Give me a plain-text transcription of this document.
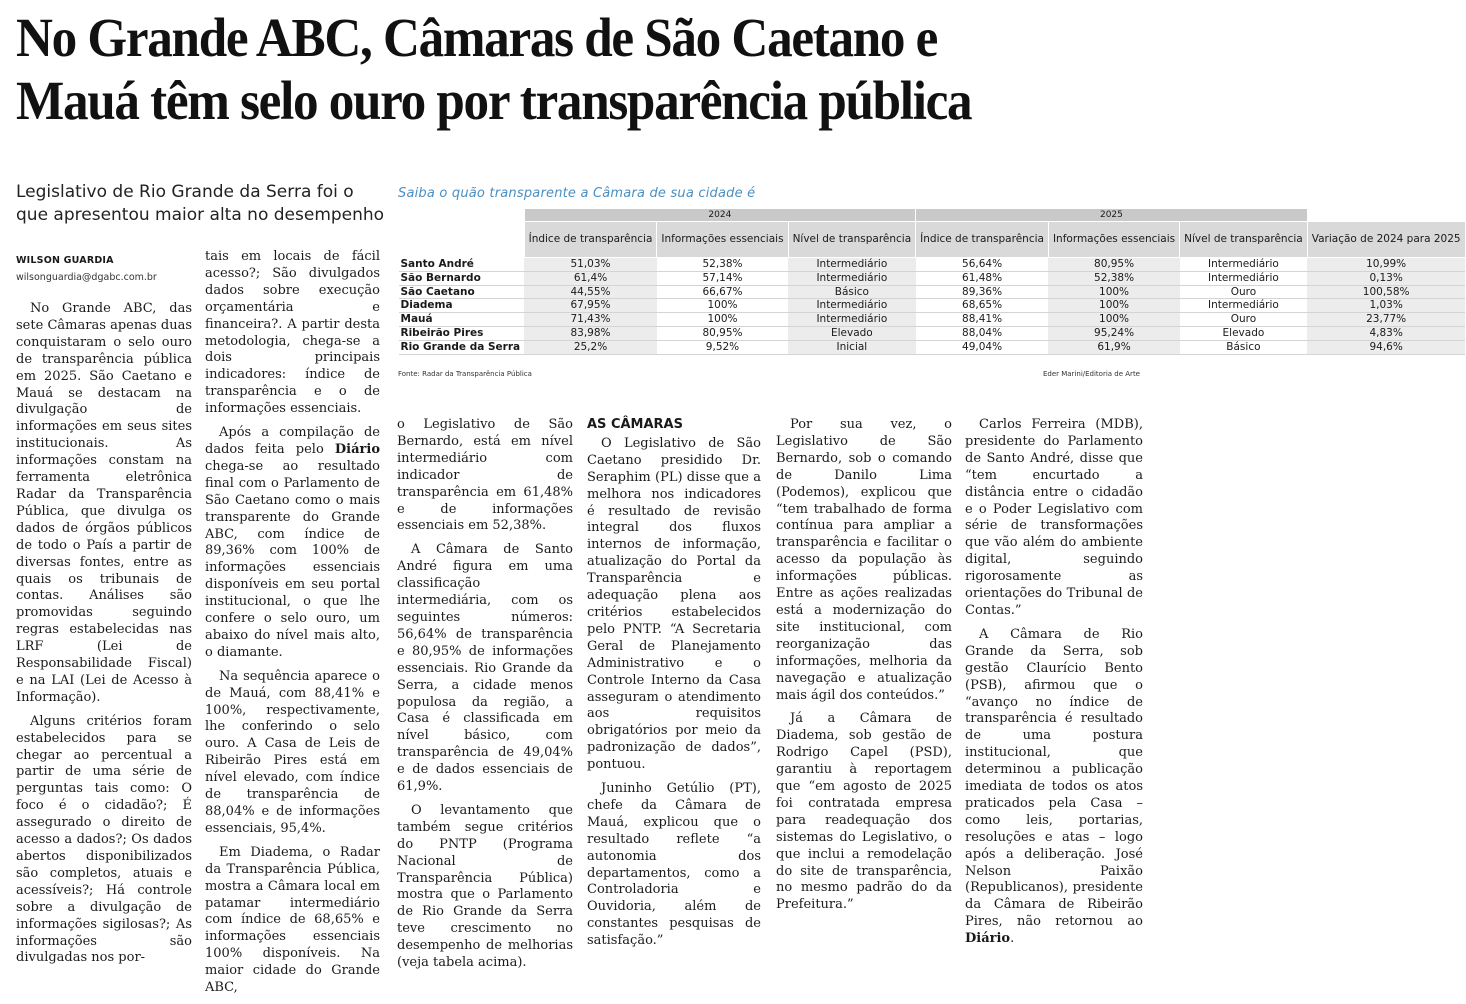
No Grande ABC, Câmaras de São Caetano e
Mauá têm selo ouro por transparência pública
Legislativo de Rio Grande da Serra foi o que apresentou maior alta no desempenho
WILSON GUARDIA
wilsonguardia@dgabc.com.br
Saiba o quão transparente a Câmara de sua cidade é
	2024			2025			
	Índice de transparência	Informações essenciais	Nível de transparência	Índice de transparência	Informações essenciais	Nível de transparência	Variação de 2024 para 2025
Santo André	51,03%	52,38%	Intermediário	56,64%	80,95%	Intermediário	10,99%
São Bernardo	61,4%	57,14%	Intermediário	61,48%	52,38%	Intermediário	0,13%
São Caetano	44,55%	66,67%	Básico	89,36%	100%	Ouro	100,58%
Diadema	67,95%	100%	Intermediário	68,65%	100%	Intermediário	1,03%
Mauá	71,43%	100%	Intermediário	88,41%	100%	Ouro	23,77%
Ribeirão Pires	83,98%	80,95%	Elevado	88,04%	95,24%	Elevado	4,83%
Rio Grande da Serra	25,2%	9,52%	Inicial	49,04%	61,9%	Básico	94,6%
Fonte: Radar da Transparência Pública	Eder Marini/Editoria de Arte

No Grande ABC, das sete Câmaras apenas duas conquistaram o selo ouro de transparência pública em 2025. São Caetano e Mauá se destacam na divulgação de informações em seus sites institucionais. As informações constam na ferramenta eletrônica Radar da Transparência Pública, que divulga os dados de órgãos públicos de todo o País a partir de diversas fontes, entre as quais os tribunais de contas. Análises são promovidas seguindo regras estabelecidas nas LRF (Lei de Responsabilidade Fiscal) e na LAI (Lei de Acesso à Informação).

Alguns critérios foram estabelecidos para se chegar ao percentual a partir de uma série de perguntas tais como: O foco é o cidadão?; É assegurado o direito de acesso a dados?; Os dados abertos disponibilizados são completos, atuais e acessíveis?; Há controle sobre a divulgação de informações sigilosas?; As informações são divulgadas nos por-

tais em locais de fácil acesso?; São divulgados dados sobre execução orçamentária e financeira?. A partir desta metodologia, chega-se a dois principais indicadores: índice de transparência e o de informações essenciais.

Após a compilação de dados feita pelo Diário chega-se ao resultado final com o Parlamento de São Caetano como o mais transparente do Grande ABC, com índice de 89,36% com 100% de informações essenciais disponíveis em seu portal institucional, o que lhe confere o selo ouro, um abaixo do nível mais alto, o diamante.

Na sequência aparece o de Mauá, com 88,41% e 100%, respectivamente, lhe conferindo o selo ouro. A Casa de Leis de Ribeirão Pires está em nível elevado, com índice de transparência de 88,04% e de informações essenciais, 95,4%.

Em Diadema, o Radar da Transparência Pública, mostra a Câmara local em patamar intermediário com índice de 68,65% e informações essenciais 100% disponíveis. Na maior cidade do Grande ABC,

o Legislativo de São Bernardo, está em nível intermediário com indicador de transparência em 61,48% e de informações essenciais em 52,38%.

A Câmara de Santo André figura em uma classificação intermediária, com os seguintes números: 56,64% de transparência e 80,95% de informações essenciais. Rio Grande da Serra, a cidade menos populosa da região, a Casa é classificada em nível básico, com transparência de 49,04% e de dados essenciais de 61,9%.

O levantamento que também segue critérios do PNTP (Programa Nacional de Transparência Pública) mostra que o Parlamento de Rio Grande da Serra teve crescimento no desempenho de melhorias (veja tabela acima).

AS CÂMARAS

O Legislativo de São Caetano presidido Dr. Seraphim (PL) disse que a melhora nos indicadores é resultado de revisão integral dos fluxos internos de informação, atualização do Portal da Transparência e adequação plena aos critérios estabelecidos pelo PNTP. “A Secretaria Geral de Planejamento Administrativo e o Controle Interno da Casa asseguram o atendimento aos requisitos obrigatórios por meio da padronização de dados”, pontuou.

Juninho Getúlio (PT), chefe da Câmara de Mauá, explicou que o resultado reflete “a autonomia dos departamentos, como a Controladoria e Ouvidoria, além de constantes pesquisas de satisfação.”

Por sua vez, o Legislativo de São Bernardo, sob o comando de Danilo Lima (Podemos), explicou que “tem trabalhado de forma contínua para ampliar a transparência e facilitar o acesso da população às informações públicas. Entre as ações realizadas está a modernização do site institucional, com reorganização das informações, melhoria da navegação e atualização mais ágil dos conteúdos.”

Já a Câmara de Diadema, sob gestão de Rodrigo Capel (PSD), garantiu à reportagem que “em agosto de 2025 foi contratada empresa para readequação dos sistemas do Legislativo, o que inclui a remodelação do site de transparência, no mesmo padrão do da Prefeitura.”

Carlos Ferreira (MDB), presidente do Parlamento de Santo André, disse que “tem encurtado a distância entre o cidadão e o Poder Legislativo com série de transformações que vão além do ambiente digital, seguindo rigorosamente as orientações do Tribunal de Contas.”

A Câmara de Rio Grande da Serra, sob gestão Claurício Bento (PSB), afirmou que o “avanço no índice de transparência é resultado de uma postura institucional, que determinou a publicação imediata de todos os atos praticados pela Casa – como leis, portarias, resoluções e atas – logo após a deliberação. José Nelson Paixão (Republicanos), presidente da Câmara de Ribeirão Pires, não retornou ao Diário.
